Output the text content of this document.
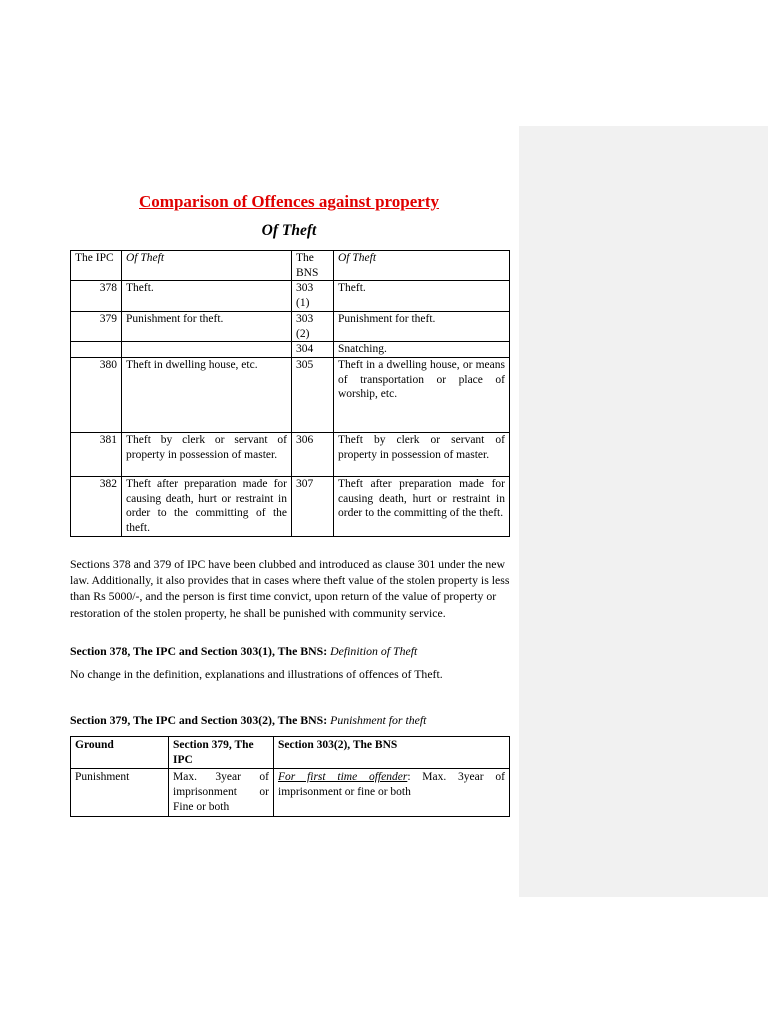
Comparison of Offences against property
Of Theft
The IPC	Of Theft	The BNS	Of Theft
378	Theft.	303 (1)	Theft.
379	Punishment for theft.	303 (2)	Punishment for theft.
		304	Snatching.
380	Theft in dwelling house, etc.	305	Theft in a dwelling house, or means of transportation or place of worship, etc.
381	Theft by clerk or servant of property in possession of master.	306	Theft by clerk or servant of property in possession of master.
382	Theft after preparation made for causing death, hurt or restraint in order to the committing of the theft.	307	Theft after preparation made for causing death, hurt or restraint in order to the committing of the theft.

Sections 378 and 379 of IPC have been clubbed and introduced as clause 301 under the new law. Additionally, it also provides that in cases where theft value of the stolen property is less than Rs 5000/-, and the person is first time convict, upon return of the value of property or restoration of the stolen property, he shall be punished with community service.

Section 378, The IPC and Section 303(1), The BNS: Definition of Theft

No change in the definition, explanations and illustrations of offences of Theft.

Section 379, The IPC and Section 303(2), The BNS: Punishment for theft

Ground	Section 379, The IPC	Section 303(2), The BNS
Punishment	Max. 3year of imprisonment or Fine or both	For first time offender: Max. 3year of imprisonment or fine or both
